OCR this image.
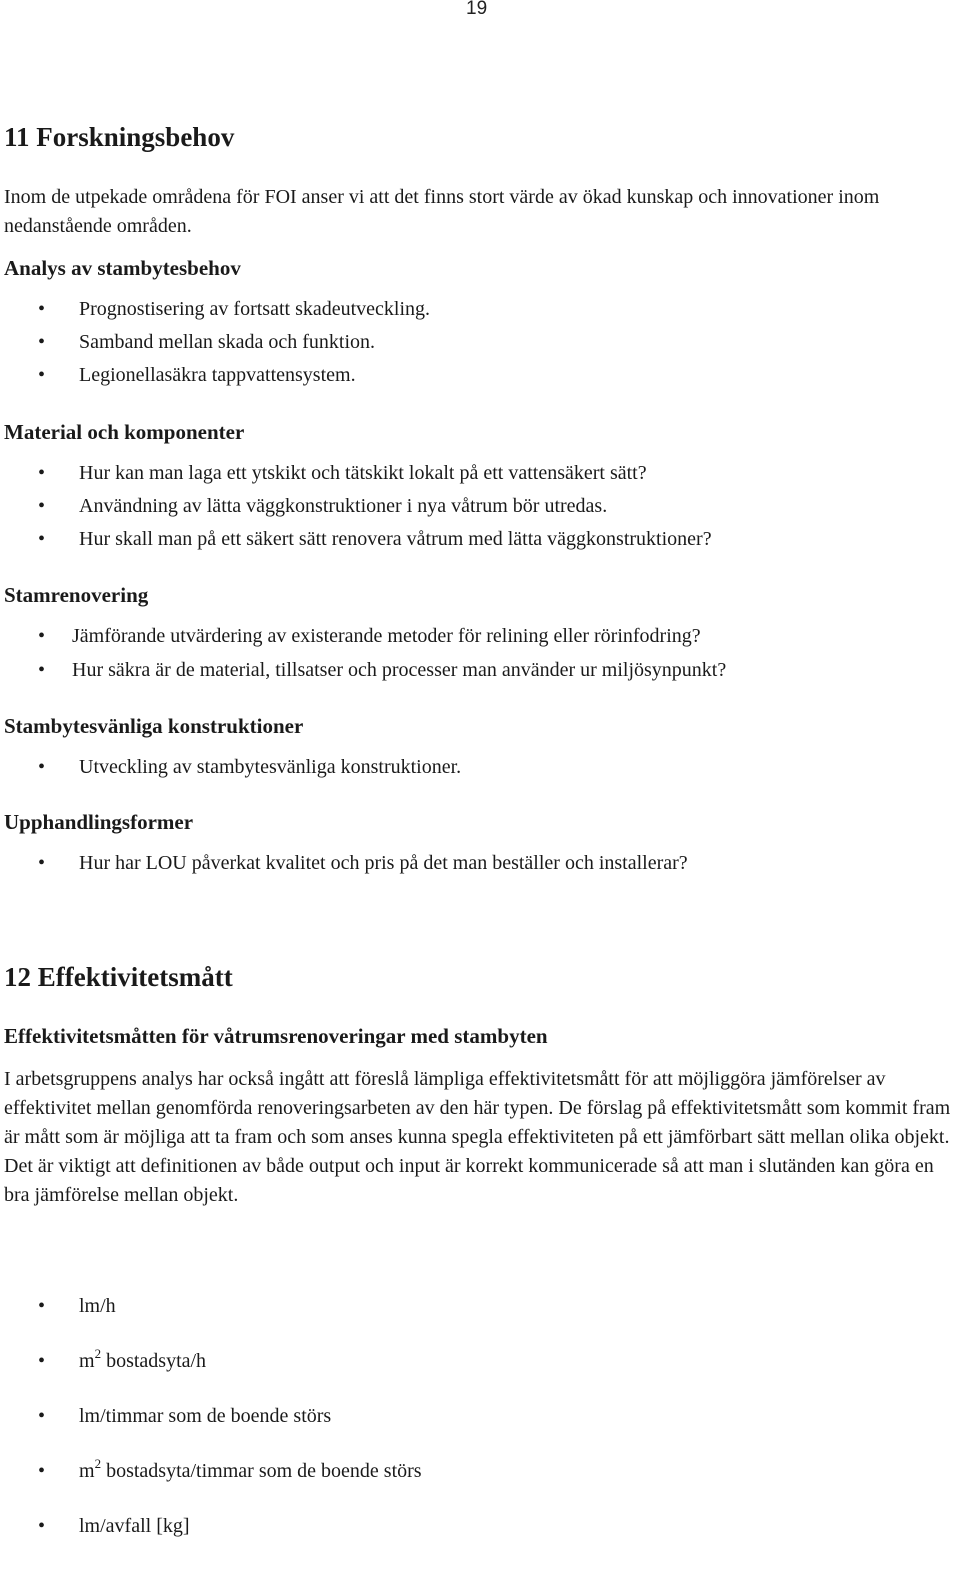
19
11 Forskningsbehov

Inom de utpekade områdena för FOI anser vi att det finns stort värde av ökad kunskap och innovationer inom nedanstående områden.

Analys av stambytesbehov
• Prognostisering av fortsatt skadeutveckling.
• Samband mellan skada och funktion.
• Legionellasäkra tappvattensystem.
Material och komponenter
• Hur kan man laga ett ytskikt och tätskikt lokalt på ett vattensäkert sätt?
• Användning av lätta väggkonstruktioner i nya våtrum bör utredas.
• Hur skall man på ett säkert sätt renovera våtrum med lätta väggkonstruktioner?
Stamrenovering
• Jämförande utvärdering av existerande metoder för relining eller rörinfodring?
• Hur säkra är de material, tillsatser och processer man använder ur miljösynpunkt?
Stambytesvänliga konstruktioner
• Utveckling av stambytesvänliga konstruktioner.
Upphandlingsformer
• Hur har LOU påverkat kvalitet och pris på det man beställer och installerar?
12 Effektivitetsmått
Effektivitetsmåtten för våtrumsrenoveringar med stambyten

I arbetsgruppens analys har också ingått att föreslå lämpliga effektivitetsmått för att möjliggöra jämförelser av effektivitet mellan genomförda renoveringsarbeten av den här typen. De förslag på effektivitetsmått som kommit fram är mått som är möjliga att ta fram och som anses kunna spegla effektiviteten på ett jämförbart sätt mellan olika objekt. Det är viktigt att definitionen av både output och input är korrekt kommunicerade så att man i slutänden kan göra en bra jämförelse mellan objekt.

• lm/h
• $m^2$ bostadsyta/h
• lm/timmar som de boende störs
• $m^2$ bostadsyta/timmar som de boende störs
• lm/avfall [kg]
